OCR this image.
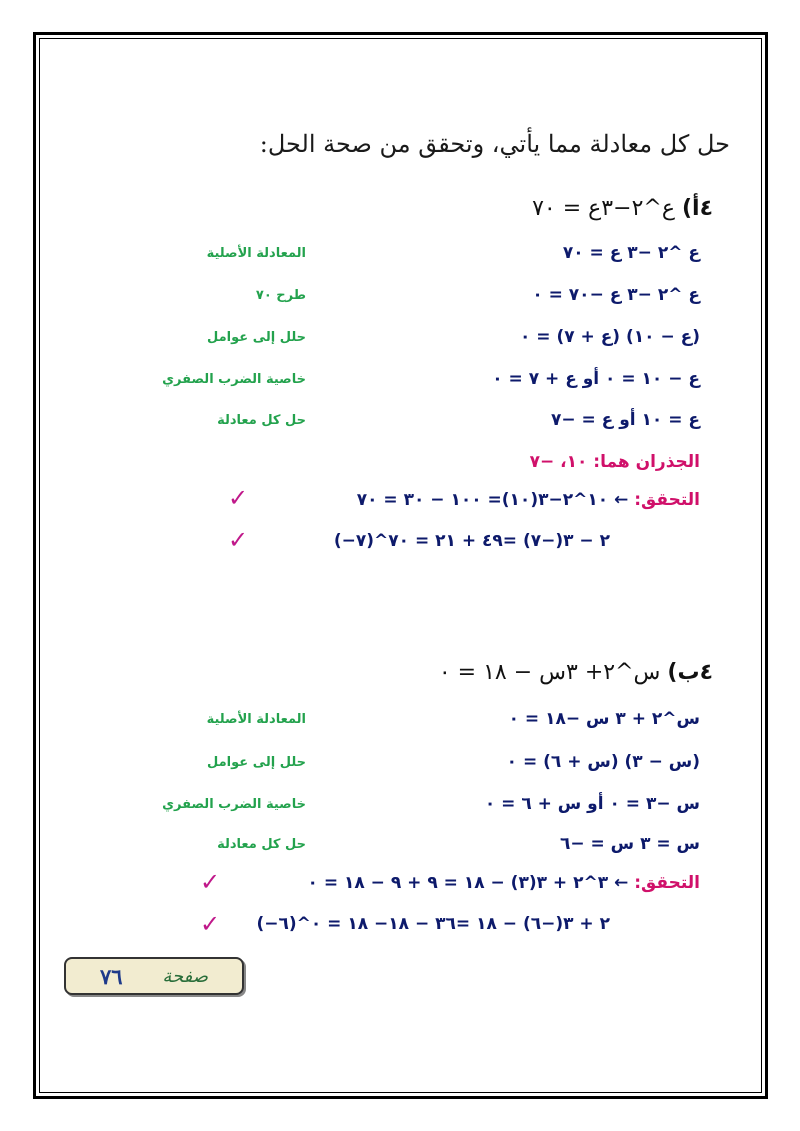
حل كل معادلة مما يأتي، وتحقق من صحة الحل:
٤أ) ع^٢−٣ع = ٧٠
ع ^٢ −٣ ع = ٧٠
المعادلة الأصلية
ع ^٢ −٣ ع −٧٠ = ٠
طرح ٧٠
(ع − ١٠) (ع + ٧) = ٠
حلل إلى عوامل
ع − ١٠ = ٠ أو ع + ٧ = ٠
خاصية الضرب الصفري
ع = ١٠ أو ع = −٧
حل كل معادلة
الجذران هما: ١٠، −٧
التحقق: ← ١٠^٢−٣(١٠)= ١٠٠ − ٣٠ = ٧٠
✓
(−٧)^٢ − ٣(−٧) =٤٩ + ٢١ = ٧٠
✓
٤ب) س^٢+ ٣س − ١٨ = ٠
س^٢ + ٣ س −١٨ = ٠
المعادلة الأصلية
(س − ٣) (س + ٦) = ٠
حلل إلى عوامل
س −٣ = ٠ أو س + ٦ = ٠
خاصية الضرب الصفري
س = ٣ س = −٦
حل كل معادلة
التحقق: ← ٣^٢ + ٣(٣) − ١٨ = ٩ + ٩ − ١٨ = ٠
✓
(−٦)^٢ + ٣(−٦) − ١٨ =٣٦ − ١٨− ١٨ = ٠
✓
صفحة
٧٦
